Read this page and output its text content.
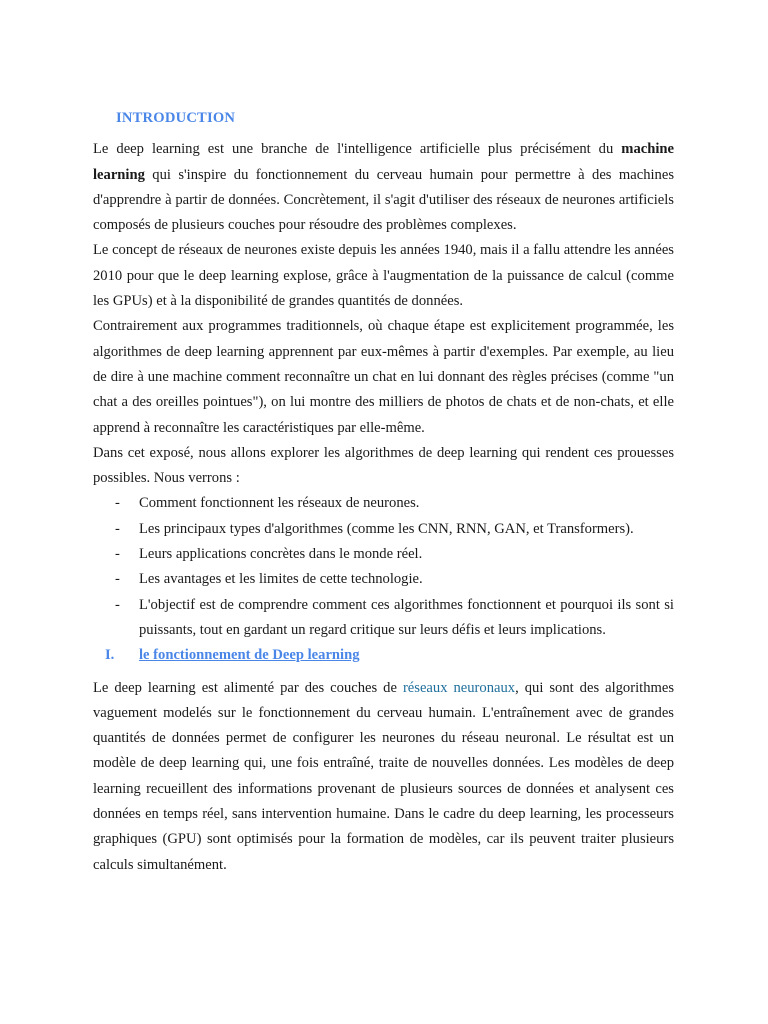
INTRODUCTION

Le deep learning est une branche de l'intelligence artificielle plus précisément du machine learning qui s'inspire du fonctionnement du cerveau humain pour permettre à des machines d'apprendre à partir de données. Concrètement, il s'agit d'utiliser des réseaux de neurones artificiels composés de plusieurs couches pour résoudre des problèmes complexes.

Le concept de réseaux de neurones existe depuis les années 1940, mais il a fallu attendre les années 2010 pour que le deep learning explose, grâce à l'augmentation de la puissance de calcul (comme les GPUs) et à la disponibilité de grandes quantités de données.

Contrairement aux programmes traditionnels, où chaque étape est explicitement programmée, les algorithmes de deep learning apprennent par eux-mêmes à partir d'exemples. Par exemple, au lieu de dire à une machine comment reconnaître un chat en lui donnant des règles précises (comme "un chat a des oreilles pointues"), on lui montre des milliers de photos de chats et de non-chats, et elle apprend à reconnaître les caractéristiques par elle-même.

Dans cet exposé, nous allons explorer les algorithmes de deep learning qui rendent ces prouesses possibles. Nous verrons :

- Comment fonctionnent les réseaux de neurones.
- Les principaux types d'algorithmes (comme les CNN, RNN, GAN, et Transformers).
- Leurs applications concrètes dans le monde réel.
- Les avantages et les limites de cette technologie.
- L'objectif est de comprendre comment ces algorithmes fonctionnent et pourquoi ils sont si puissants, tout en gardant un regard critique sur leurs défis et leurs implications.
I. le fonctionnement de Deep learning

Le deep learning est alimenté par des couches de réseaux neuronaux, qui sont des algorithmes vaguement modelés sur le fonctionnement du cerveau humain. L'entraînement avec de grandes quantités de données permet de configurer les neurones du réseau neuronal. Le résultat est un modèle de deep learning qui, une fois entraîné, traite de nouvelles données. Les modèles de deep learning recueillent des informations provenant de plusieurs sources de données et analysent ces données en temps réel, sans intervention humaine. Dans le cadre du deep learning, les processeurs graphiques (GPU) sont optimisés pour la formation de modèles, car ils peuvent traiter plusieurs calculs simultanément.
